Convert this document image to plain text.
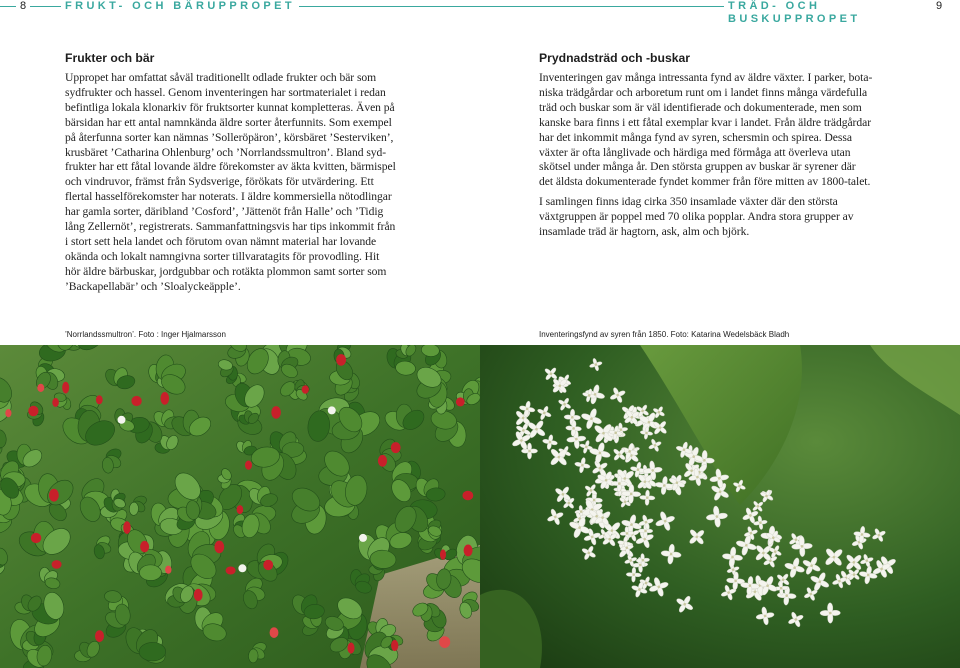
8	FRUKT- OCH BÄRUPPROPET	TRÄD- OCH BUSKUPPROPET
9
Frukter och bär
Uppropet har omfattat såväl traditionellt odlade frukter och bär som
sydfrukter och hassel. Genom inventeringen har sortmaterialet i redan
befintliga lokala klonarkiv för fruktsorter kunnat kompletteras. Även på
bärsidan har ett antal namnkända äldre sorter återfunnits. Som exempel
på återfunna sorter kan nämnas ’Solleröpäron’, körsbäret ’Sesterviken’,
krusbäret ’Catharina Ohlenburg’ och ’Norrlandssmultron’. Bland syd-
frukter har ett fåtal lovande äldre förekomster av äkta kvitten, bärmispel
och vindruvor, främst från Sydsverige, förökats för utvärdering. Ett
flertal hasselförekomster har noterats. I äldre kommersiella nötodlingar
har gamla sorter, däribland ’Cosford’, ’Jättenöt från Halle’ och ’Tidig
lång Zellernöt’, registrerats. Sammanfattningsvis har tips inkommit från
i stort sett hela landet och förutom ovan nämnt material har lovande
okända och lokalt namngivna sorter tillvaratagits för provodling. Hit
hör äldre bärbuskar, jordgubbar och rotäkta plommon samt sorter som
’Backapellabär’ och ’Sloalyckeäpple’.
Prydnadsträd och -buskar
Inventeringen gav många intressanta fynd av äldre växter. I parker, bota-
niska trädgårdar och arboretum runt om i landet finns många värdefulla
träd och buskar som är väl identifierade och dokumenterade, men som
kanske bara finns i ett fåtal exemplar kvar i landet. Från äldre trädgårdar
har det inkommit många fynd av syren, schersmin och spirea. Dessa
växter är ofta långlivade och härdiga med förmåga att överleva utan
skötsel under många år. Den största gruppen av buskar är syrener där
det äldsta dokumenterade fyndet kommer från före mitten av 1800-talet.
I samlingen finns idag cirka 350 insamlade växter där den största
växtgruppen är poppel med 70 olika popplar. Andra stora grupper av
insamlade träd är hagtorn, ask, alm och björk.
’Norrlandssmultron’. Foto : Inger Hjalmarsson	Inventeringsfynd av syren från 1850. Foto: Katarina Wedelsbäck Bladh
